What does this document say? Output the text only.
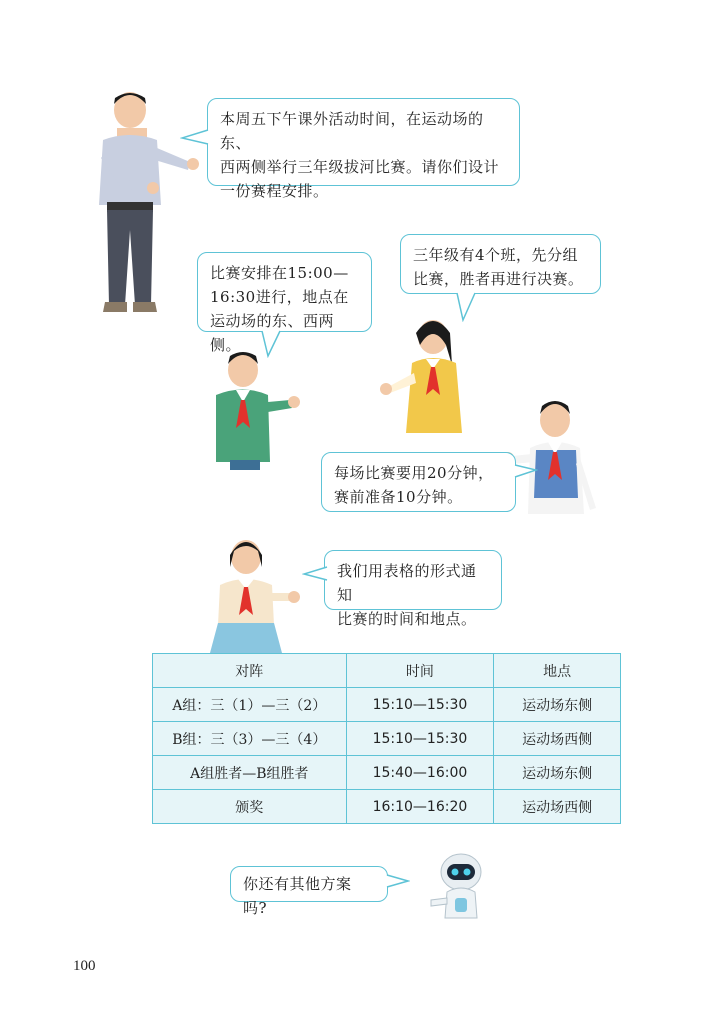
本周五下午课外活动时间，在运动场的东、
西两侧举行三年级拔河比赛。请你们设计
一份赛程安排。
比赛安排在15:00—
16:30进行，地点在
运动场的东、西两侧。
三年级有4个班，先分组
比赛，胜者再进行决赛。
每场比赛要用20分钟，
赛前准备10分钟。
我们用表格的形式通知
比赛的时间和地点。
对阵	时间	地点
A组：三（1）—三（2）	15:10—15:30	运动场东侧
B组：三（3）—三（4）	15:10—15:30	运动场西侧
A组胜者—B组胜者	15:40—16:00	运动场东侧
颁奖	16:10—16:20	运动场西侧
你还有其他方案吗?
100
